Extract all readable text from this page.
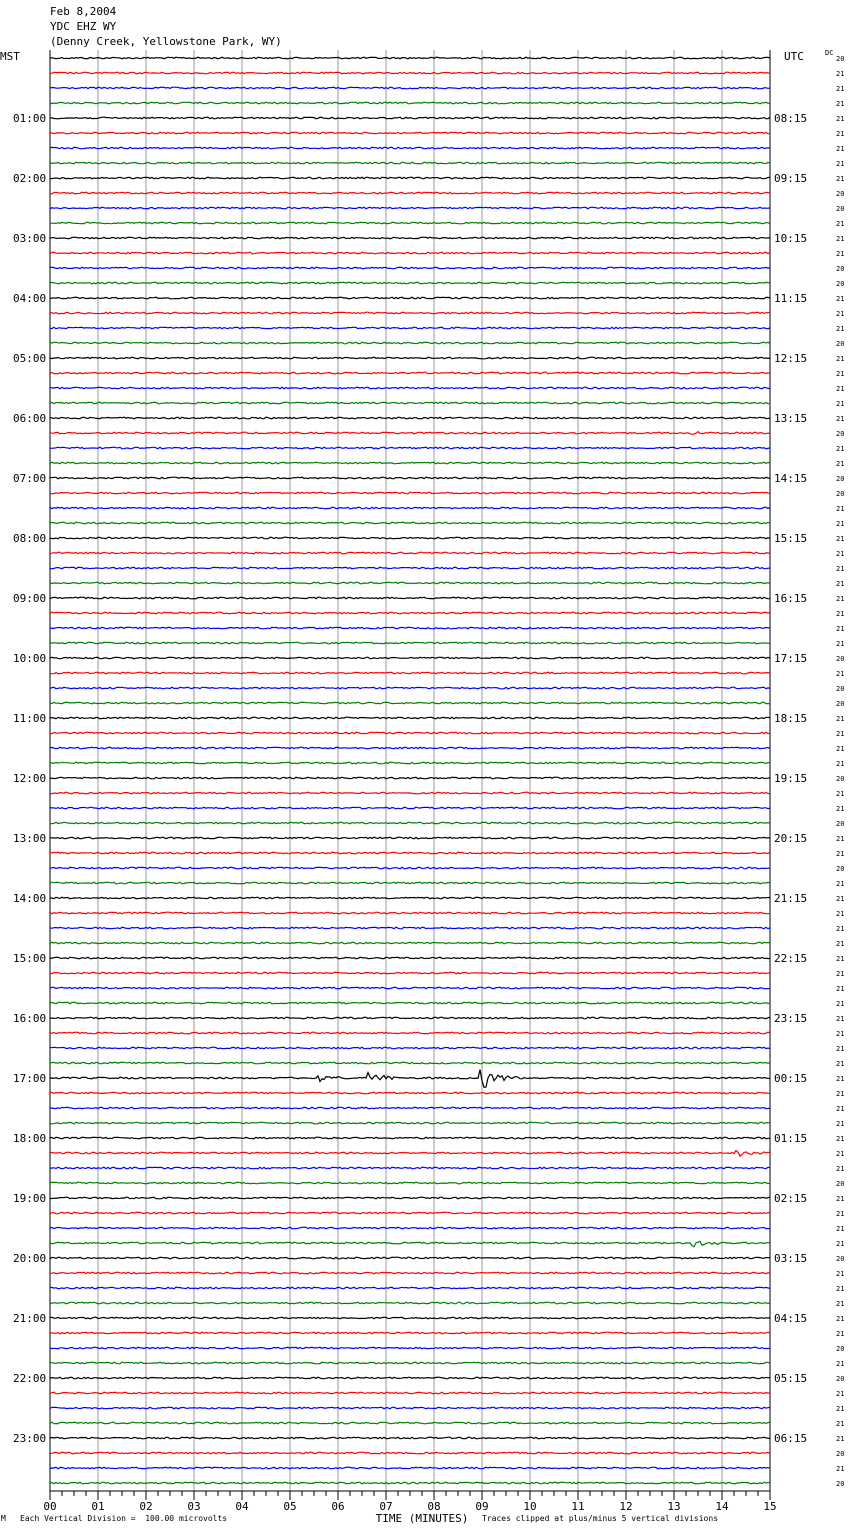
Feb 8,2004
YDC EHZ WY
(Denny Creek, Yellowstone Park, WY)
20
21
21
21
21
21
21
21
21
20
20
21
21
21
20
20
21
21
21
20
21
21
21
21
21
20
21
21
20
20
21
21
21
21
21
21
21
21
21
21
20
21
20
20
21
21
21
21
20
21
21
20
21
21
20
21
21
21
21
21
21
21
21
21
21
21
21
21
21
21
21
21
21
21
21
20
21
21
21
21
20
21
21
21
21
21
20
21
20
21
21
21
21
20
21
20
01:00	08:15
02:00	09:15
03:00	10:15
04:00	11:15
05:00	12:15
06:00	13:15
07:00	14:15
08:00	15:15
09:00	16:15
10:00	17:15
11:00	18:15
12:00	19:15
13:00	20:15
14:00	21:15
15:00	22:15
16:00	23:15
17:00	00:15
18:00	01:15
19:00	02:15
20:00	03:15
21:00	04:15
22:00	05:15
23:00	06:15
MST	UTC	DC
00	01	02	03	04	05	06	07	08	09	10	11	12	13	14	15
TIME (MINUTES)
M Each Vertical Division =  100.00 microvolts	Traces clipped at plus/minus 5 vertical divisions
